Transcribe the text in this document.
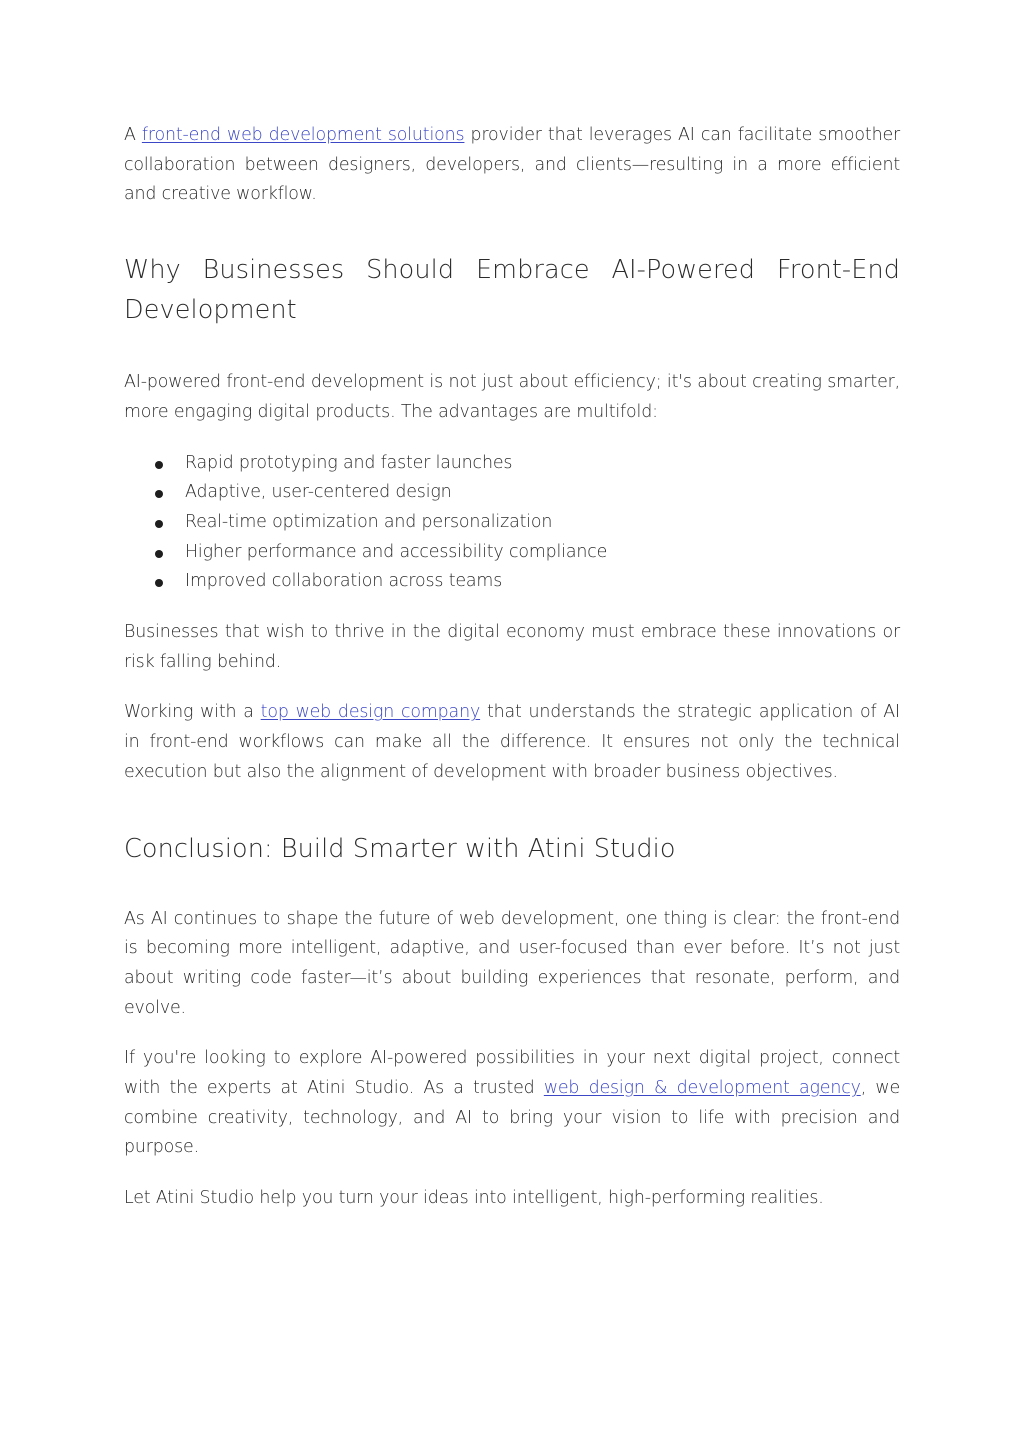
A front-end web development solutions provider that leverages AI can facilitate smoother collaboration between designers, developers, and clients—resulting in a more efficient and creative workflow.

Why Businesses Should Embrace AI-Powered Front-End
Development

AI-powered front-end development is not just about efficiency; it's about creating smarter, more engaging digital products. The advantages are multifold:

Rapid prototyping and faster launches
Adaptive, user-centered design
Real-time optimization and personalization
Higher performance and accessibility compliance
Improved collaboration across teams

Businesses that wish to thrive in the digital economy must embrace these innovations or risk falling behind.

Working with a top web design company that understands the strategic application of AI in front-end workflows can make all the difference. It ensures not only the technical execution but also the alignment of development with broader business objectives.

Conclusion: Build Smarter with Atini Studio

As AI continues to shape the future of web development, one thing is clear: the front-end is becoming more intelligent, adaptive, and user-focused than ever before. It’s not just about writing code faster—it’s about building experiences that resonate, perform, and evolve.

If you're looking to explore AI-powered possibilities in your next digital project, connect with the experts at Atini Studio. As a trusted web design & development agency, we combine creativity, technology, and AI to bring your vision to life with precision and purpose.

Let Atini Studio help you turn your ideas into intelligent, high-performing realities.
